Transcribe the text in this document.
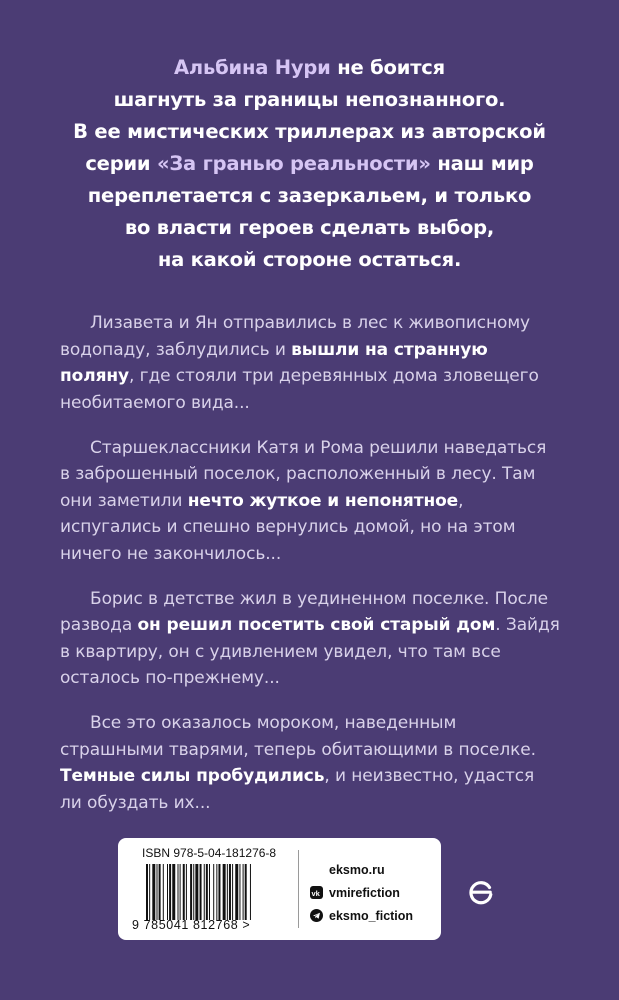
Альбина Нури не боится
шагнуть за границы непознанного.
В ее мистических триллерах из авторской
серии «За гранью реальности» наш мир
переплетается с зазеркальем, и только
во власти героев сделать выбор,
на какой стороне остаться.

Лизавета и Ян отправились в лес к живописному водопаду, заблудились и вышли на странную поляну, где стояли три деревянных дома зловещего необитаемого вида...

Старшеклассники Катя и Рома решили наведаться в заброшенный поселок, расположенный в лесу. Там они заметили нечто жуткое и непонятное, испугались и спешно вернулись домой, но на этом ничего не закончилось...

Борис в детстве жил в уединенном поселке. После развода он решил посетить свой старый дом. Зайдя в квартиру, он с удивлением увидел, что там все осталось по-прежнему...

Все это оказалось мороком, наведенным страшными тварями, теперь обитающими в поселке. Темные силы пробудились, и неизвестно, удастся ли обуздать их...

ISBN 978-5-04-181276-8
9 785041 812768 >
eksmo.ru
vk vmirefiction
eksmo_fiction
